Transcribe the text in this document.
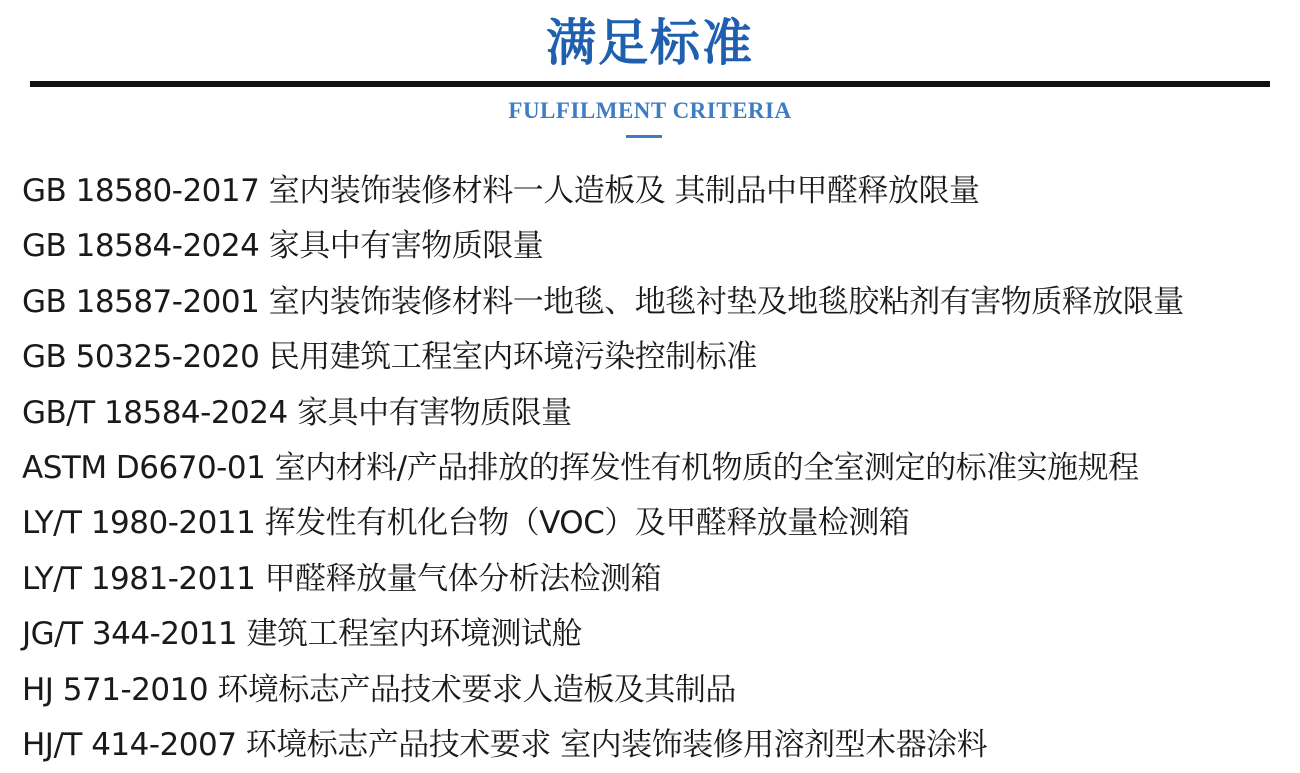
满足标准
FULFILMENT CRITERIA
GB 18580-2017 室内装饰装修材料一人造板及 其制品中甲醛释放限量
GB 18584-2024 家具中有害物质限量
GB 18587-2001 室内装饰装修材料一地毯、地毯衬垫及地毯胶粘剂有害物质释放限量
GB 50325-2020 民用建筑工程室内环境污染控制标准
GB/T 18584-2024 家具中有害物质限量
ASTM D6670-01 室内材料/产品排放的挥发性有机物质的全室测定的标准实施规程
LY/T 1980-2011 挥发性有机化台物（VOC）及甲醛释放量检测箱
LY/T 1981-2011 甲醛释放量气体分析法检测箱
JG/T 344-2011 建筑工程室内环境测试舱
HJ 571-2010 环境标志产品技术要求人造板及其制品
HJ/T 414-2007 环境标志产品技术要求 室内装饰装修用溶剂型木器涂料
